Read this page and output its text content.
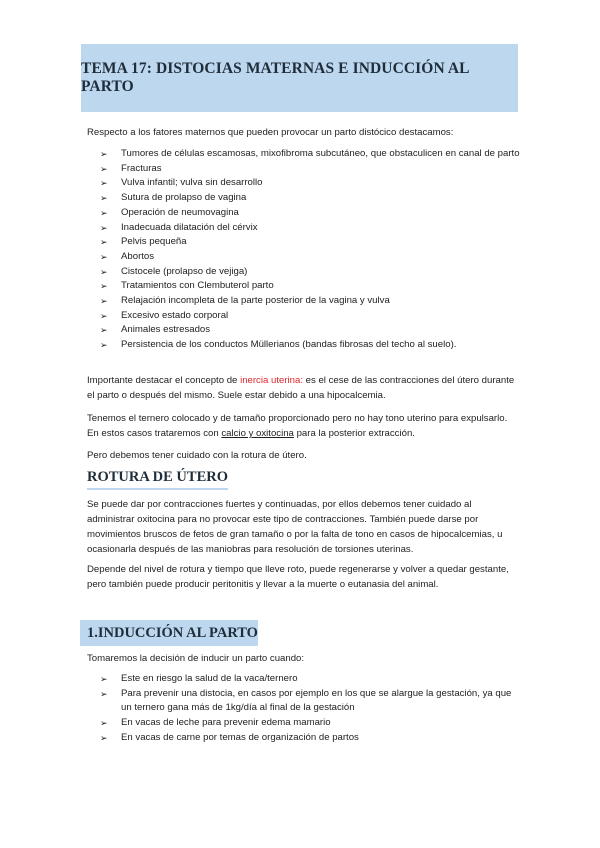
TEMA 17: DISTOCIAS MATERNAS E INDUCCIÓN AL PARTO

Respecto a los fatores maternos que pueden provocar un parto distócico destacamos:

➢ Tumores de células escamosas, mixofibroma subcutáneo, que obstaculicen en canal de parto
➢ Fracturas
➢ Vulva infantil; vulva sin desarrollo
➢ Sutura de prolapso de vagina
➢ Operación de neumovagina
➢ Inadecuada dilatación del cérvix
➢ Pelvis pequeña
➢ Abortos
➢ Cistocele (prolapso de vejiga)
➢ Tratamientos con Clembuterol parto
➢ Relajación incompleta de la parte posterior de la vagina y vulva
➢ Excesivo estado corporal
➢ Animales estresados
➢ Persistencia de los conductos Müllerianos (bandas fibrosas del techo al suelo).

Importante destacar el concepto de inercia uterina: es el cese de las contracciones del útero durante el parto o después del mismo. Suele estar debido a una hipocalcemia.

Tenemos el ternero colocado y de tamaño proporcionado pero no hay tono uterino para expulsarlo. En estos casos trataremos con calcio y oxitocina para la posterior extracción.

Pero debemos tener cuidado con la rotura de útero.

ROTURA DE ÚTERO

Se puede dar por contracciones fuertes y continuadas, por ellos debemos tener cuidado al administrar oxitocina para no provocar este tipo de contracciones. También puede darse por movimientos bruscos de fetos de gran tamaño o por la falta de tono en casos de hipocalcemias, u ocasionarla después de las maniobras para resolución de torsiones uterinas.

Depende del nivel de rotura y tiempo que lleve roto, puede regenerarse y volver a quedar gestante, pero también puede producir peritonitis y llevar a la muerte o eutanasia del animal.

1.INDUCCIÓN AL PARTO

Tomaremos la decisión de inducir un parto cuando:

➢ Este en riesgo la salud de la vaca/ternero
➢ Para prevenir una distocia, en casos por ejemplo en los que se alargue la gestación, ya que un ternero gana más de 1kg/día al final de la gestación
➢ En vacas de leche para prevenir edema mamario
➢ En vacas de carne por temas de organización de partos
